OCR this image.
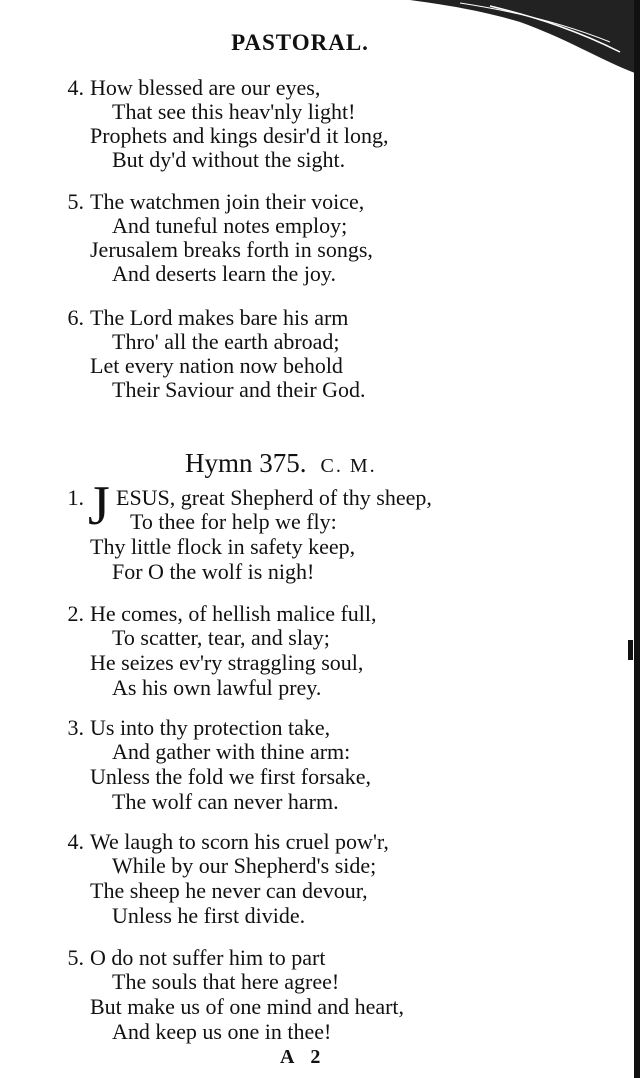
PASTORAL.
4. How blessed are our eyes,
That see this heav'nly light!
Prophets and kings desir'd it long,
But dy'd without the sight.
5. The watchmen join their voice,
And tuneful notes employ;
Jerusalem breaks forth in songs,
And deserts learn the joy.
6. The Lord makes bare his arm
Thro' all the earth abroad;
Let every nation now behold
Their Saviour and their God.
Hymn 375. C. M.
1. J ESUS, great Shepherd of thy sheep,
To thee for help we fly:
Thy little flock in safety keep,
For O the wolf is nigh!
2. He comes, of hellish malice full,
To scatter, tear, and slay;
He seizes ev'ry straggling soul,
As his own lawful prey.
3. Us into thy protection take,
And gather with thine arm:
Unless the fold we first forsake,
The wolf can never harm.
4. We laugh to scorn his cruel pow'r,
While by our Shepherd's side;
The sheep he never can devour,
Unless he first divide.
5. O do not suffer him to part
The souls that here agree!
But make us of one mind and heart,
And keep us one in thee!
A 2
